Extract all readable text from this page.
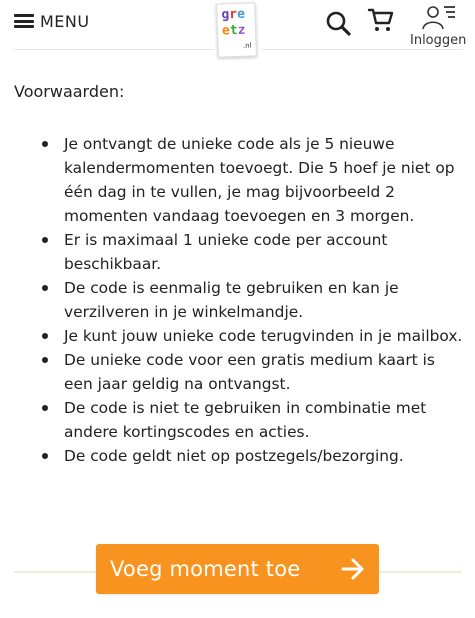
MENU	gre
etz
.nl	Inloggen
Voorwaarden:
Je ontvangt de unieke code als je 5 nieuwe kalendermomenten toevoegt. Die 5 hoef je niet op één dag in te vullen, je mag bijvoorbeeld 2 momenten vandaag toevoegen en 3 morgen.
Er is maximaal 1 unieke code per account beschikbaar.
De code is eenmalig te gebruiken en kan je verzilveren in je winkelmandje.
Je kunt jouw unieke code terugvinden in je mailbox.
De unieke code voor een gratis medium kaart is een jaar geldig na ontvangst.
De code is niet te gebruiken in combinatie met andere kortingscodes en acties.
De code geldt niet op postzegels/bezorging.
Voeg moment toe
